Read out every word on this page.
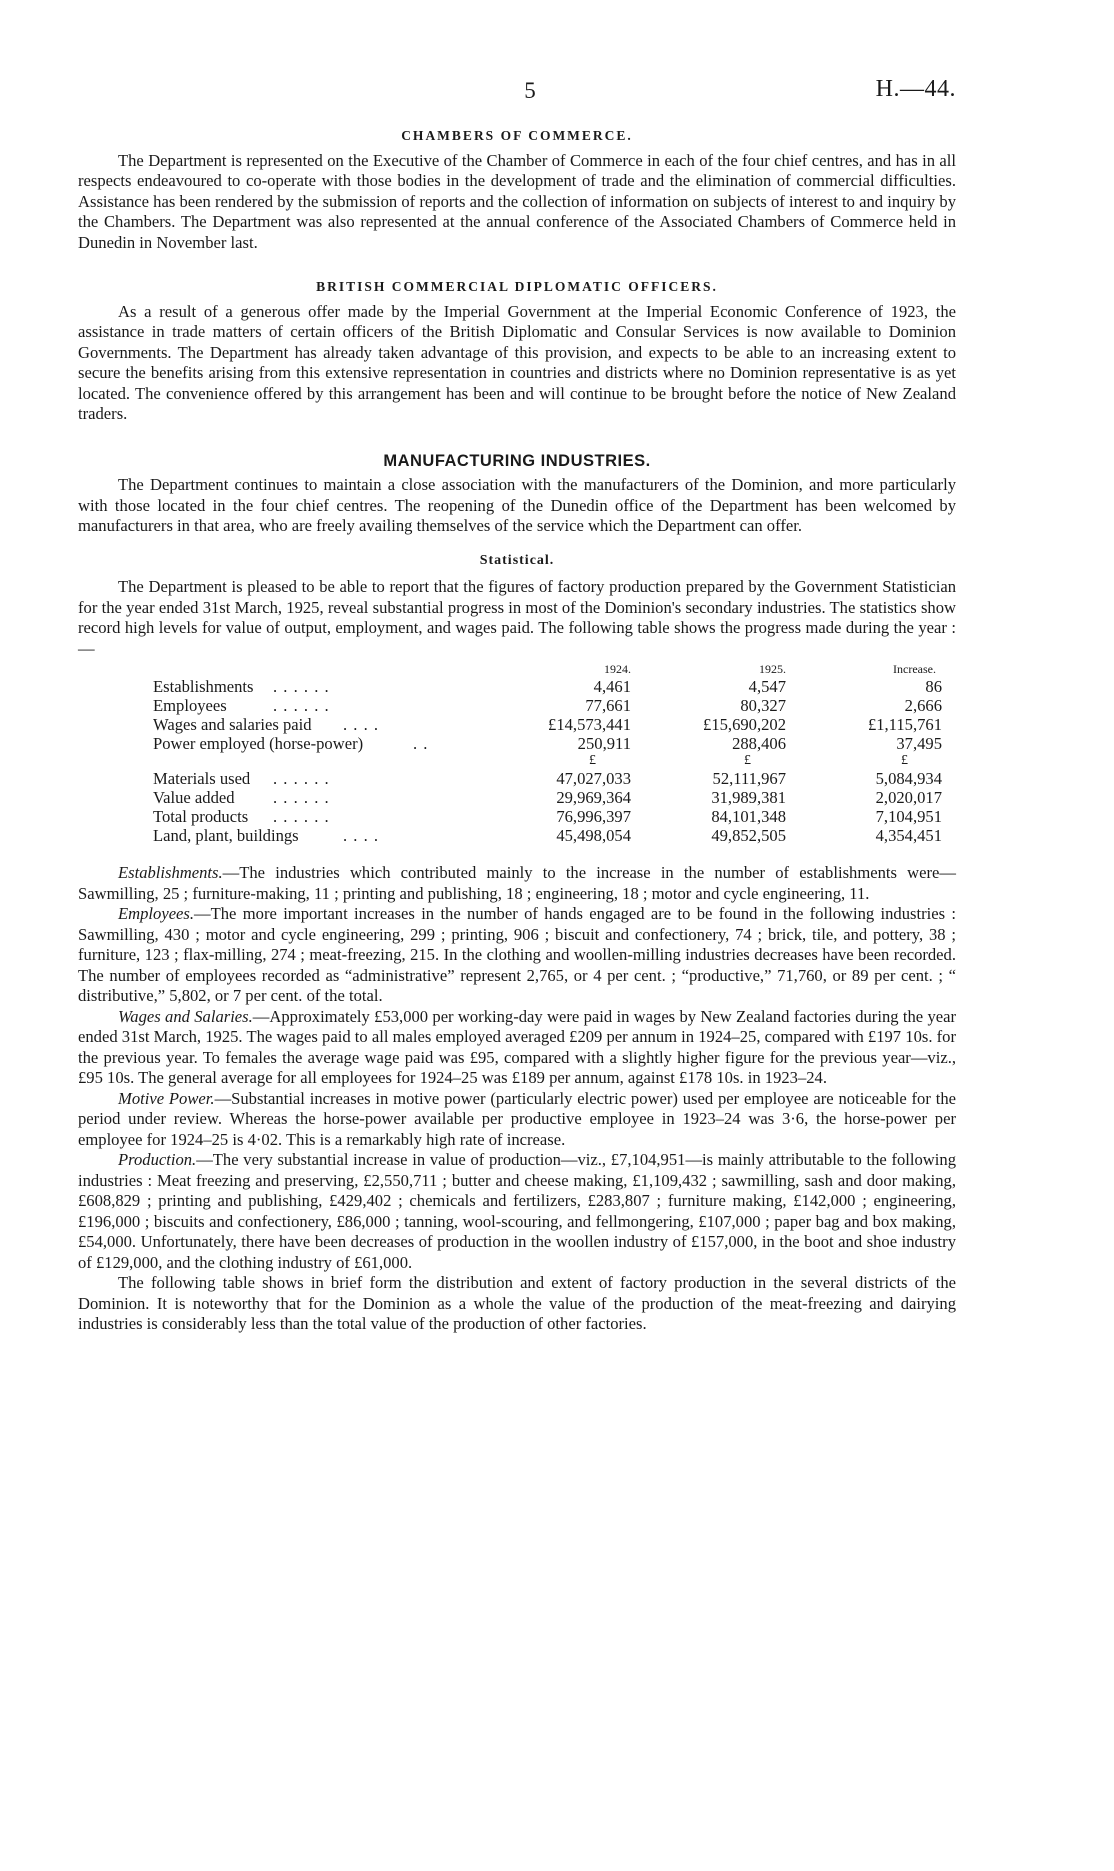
5	H.—44.
CHAMBERS OF COMMERCE.

The Department is represented on the Executive of the Chamber of Commerce in each of the four chief centres, and has in all respects endeavoured to co-operate with those bodies in the development of trade and the elimination of commercial difficulties. Assistance has been rendered by the submission of reports and the collection of information on subjects of interest to and inquiry by the Chambers. The Department was also represented at the annual conference of the Associated Chambers of Commerce held in Dunedin in November last.

BRITISH COMMERCIAL DIPLOMATIC OFFICERS.

As a result of a generous offer made by the Imperial Government at the Imperial Economic Conference of 1923, the assistance in trade matters of certain officers of the British Diplomatic and Consular Services is now available to Dominion Governments. The Department has already taken advantage of this provision, and expects to be able to an increasing extent to secure the benefits arising from this extensive representation in countries and districts where no Dominion representative is as yet located. The convenience offered by this arrangement has been and will continue to be brought before the notice of New Zealand traders.

MANUFACTURING INDUSTRIES.

The Department continues to maintain a close association with the manufacturers of the Dominion, and more particularly with those located in the four chief centres. The reopening of the Dunedin office of the Department has been welcomed by manufacturers in that area, who are freely availing themselves of the service which the Department can offer.

Statistical.

The Department is pleased to be able to report that the figures of factory production prepared by the Government Statistician for the year ended 31st March, 1925, reveal substantial progress in most of the Dominion's secondary industries. The statistics show record high levels for value of output, employment, and wages paid. The following table shows the progress made during the year :—

1924.	1925.	Increase.
Establishments . . . . . .	4,461	4,547	86
Employees	. . . . . .	77,661	80,327	2,666
Wages and salaries paid . . . .	£14,573,441	£15,690,202	£1,115,761
Power employed (horse-power)	. .	250,911	288,406	37,495
£	£	£
Materials used . . . . . .	47,027,033	52,111,967	5,084,934
Value added . . . . . .	29,969,364	31,989,381	2,020,017
Total products . . . . . .	76,996,397	84,101,348	7,104,951
Land, plant, buildings	. . . .	45,498,054	49,852,505	4,354,451

Establishments.—The industries which contributed mainly to the increase in the number of establishments were—Sawmilling, 25 ; furniture-making, 11 ; printing and publishing, 18 ; engineering, 18 ; motor and cycle engineering, 11.

Employees.—The more important increases in the number of hands engaged are to be found in the following industries : Sawmilling, 430 ; motor and cycle engineering, 299 ; printing, 906 ; biscuit and confectionery, 74 ; brick, tile, and pottery, 38 ; furniture, 123 ; flax-milling, 274 ; meat-freezing, 215. In the clothing and woollen-milling industries decreases have been recorded. The number of employees recorded as “administrative” represent 2,765, or 4 per cent. ; “productive,” 71,760, or 89 per cent. ; “ distributive,” 5,802, or 7 per cent. of the total.

Wages and Salaries.—Approximately £53,000 per working-day were paid in wages by New Zealand factories during the year ended 31st March, 1925. The wages paid to all males employed averaged £209 per annum in 1924–25, compared with £197 10s. for the previous year. To females the average wage paid was £95, compared with a slightly higher figure for the previous year—viz., £95 10s. The general average for all employees for 1924–25 was £189 per annum, against £178 10s. in 1923–24.

Motive Power.—Substantial increases in motive power (particularly electric power) used per employee are noticeable for the period under review. Whereas the horse-power available per productive employee in 1923–24 was 3·6, the horse-power per employee for 1924–25 is 4·02. This is a remarkably high rate of increase.

Production.—The very substantial increase in value of production—viz., £7,104,951—is mainly attributable to the following industries : Meat freezing and preserving, £2,550,711 ; butter and cheese making, £1,109,432 ; sawmilling, sash and door making, £608,829 ; printing and publishing, £429,402 ; chemicals and fertilizers, £283,807 ; furniture making, £142,000 ; engineering, £196,000 ; biscuits and confectionery, £86,000 ; tanning, wool-scouring, and fellmongering, £107,000 ; paper bag and box making, £54,000. Unfortunately, there have been decreases of production in the woollen industry of £157,000, in the boot and shoe industry of £129,000, and the clothing industry of £61,000.

The following table shows in brief form the distribution and extent of factory production in the several districts of the Dominion. It is noteworthy that for the Dominion as a whole the value of the production of the meat-freezing and dairying industries is considerably less than the total value of the production of other factories.
